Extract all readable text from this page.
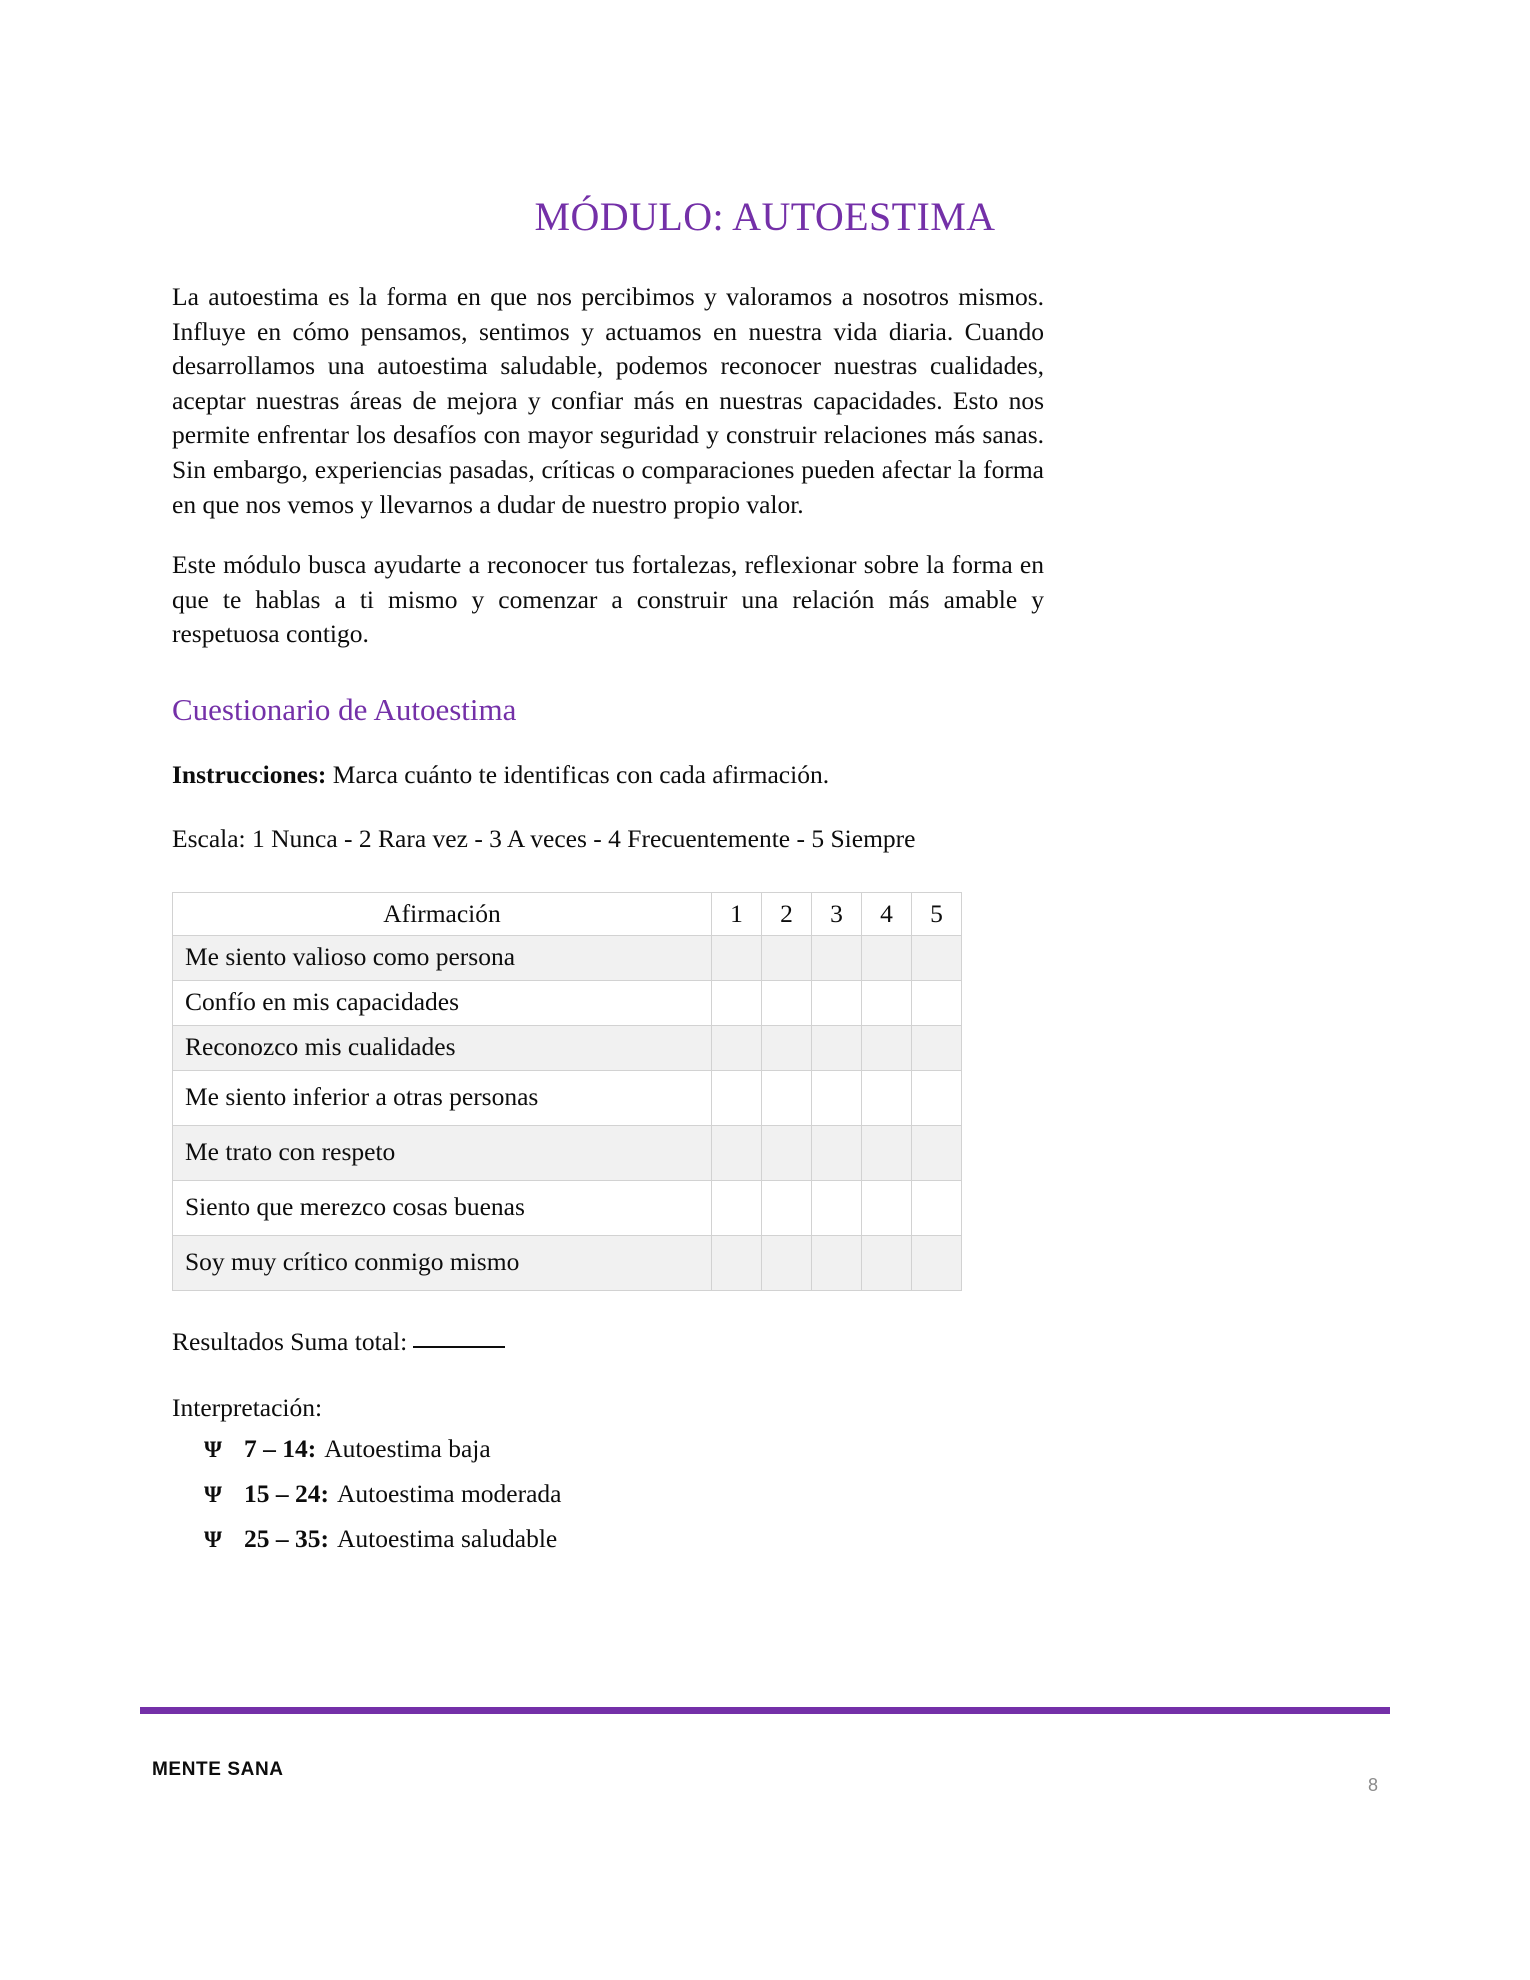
MÓDULO: AUTOESTIMA

La autoestima es la forma en que nos percibimos y valoramos a nosotros mismos. Influye en cómo pensamos, sentimos y actuamos en nuestra vida diaria. Cuando desarrollamos una autoestima saludable, podemos reconocer nuestras cualidades, aceptar nuestras áreas de mejora y confiar más en nuestras capacidades. Esto nos permite enfrentar los desafíos con mayor seguridad y construir relaciones más sanas. Sin embargo, experiencias pasadas, críticas o comparaciones pueden afectar la forma en que nos vemos y llevarnos a dudar de nuestro propio valor.

Este módulo busca ayudarte a reconocer tus fortalezas, reflexionar sobre la forma en que te hablas a ti mismo y comenzar a construir una relación más amable y respetuosa contigo.

Cuestionario de Autoestima

Instrucciones: Marca cuánto te identificas con cada afirmación.

Escala: 1 Nunca - 2 Rara vez - 3 A veces - 4 Frecuentemente - 5 Siempre

Afirmación	1	2	3	4	5
Me siento valioso como persona					
Confío en mis capacidades					
Reconozco mis cualidades					
Me siento inferior a otras personas					
Me trato con respeto					
Siento que merezco cosas buenas					
Soy muy crítico conmigo mismo					

Resultados Suma total:

Interpretación:

Ψ 7 – 14: Autoestima baja
Ψ 15 – 24: Autoestima moderada
Ψ 25 – 35: Autoestima saludable
MENTE SANA
8
